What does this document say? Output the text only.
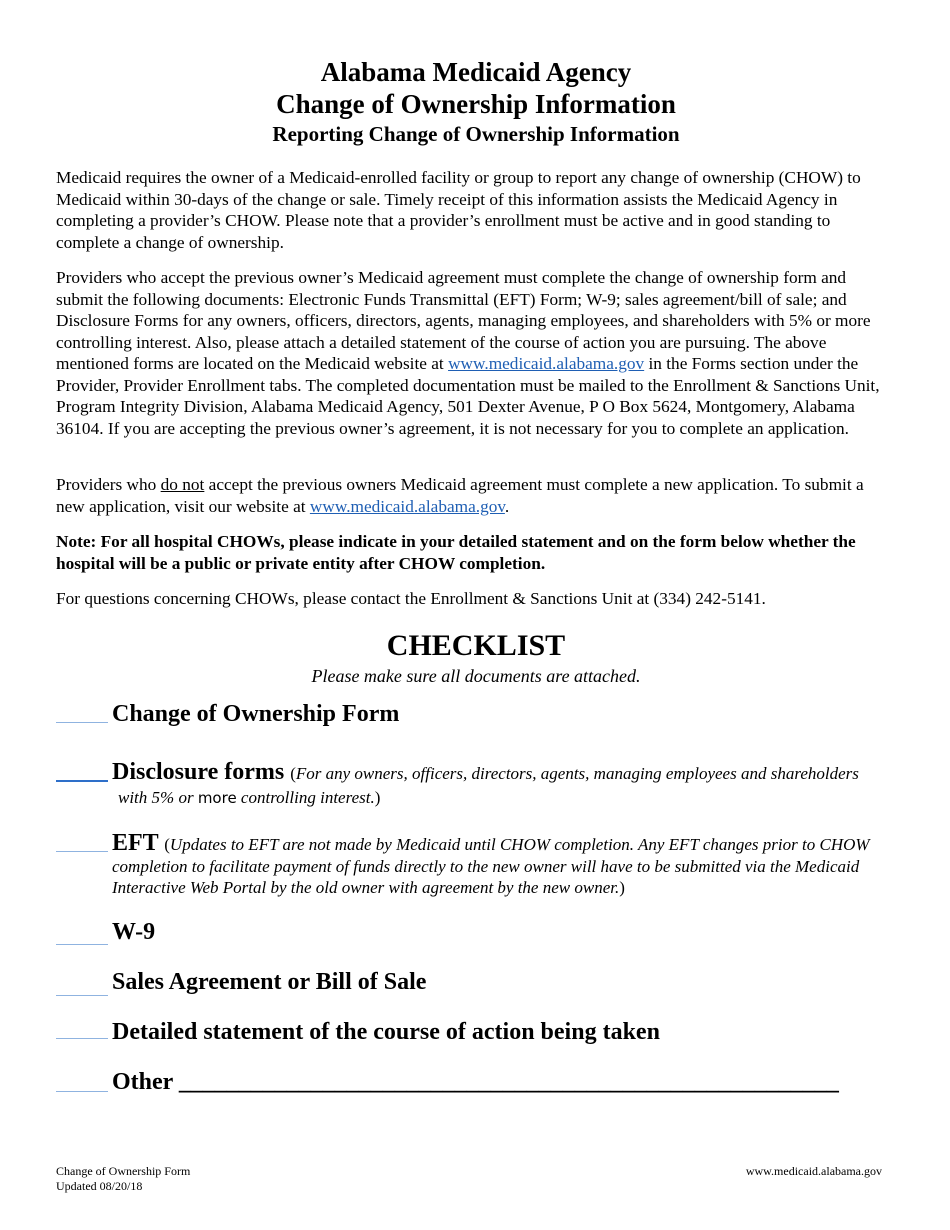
Alabama Medicaid Agency
Change of Ownership Information
Reporting Change of Ownership Information

Medicaid requires the owner of a Medicaid-enrolled facility or group to report any change of ownership (CHOW) to Medicaid within 30-days of the change or sale. Timely receipt of this information assists the Medicaid Agency in completing a provider’s CHOW. Please note that a provider’s enrollment must be active and in good standing to complete a change of ownership.

Providers who accept the previous owner’s Medicaid agreement must complete the change of ownership form and submit the following documents: Electronic Funds Transmittal (EFT) Form; W-9; sales agreement/bill of sale; and Disclosure Forms for any owners, officers, directors, agents, managing employees, and shareholders with 5% or more controlling interest. Also, please attach a detailed statement of the course of action you are pursuing. The above mentioned forms are located on the Medicaid website at www.medicaid.alabama.gov in the Forms section under the Provider, Provider Enrollment tabs. The completed documentation must be mailed to the Enrollment & Sanctions Unit, Program Integrity Division, Alabama Medicaid Agency, 501 Dexter Avenue, P O Box 5624, Montgomery, Alabama 36104. If you are accepting the previous owner’s agreement, it is not necessary for you to complete an application.

Providers who do not accept the previous owners Medicaid agreement must complete a new application. To submit a new application, visit our website at www.medicaid.alabama.gov.

Note: For all hospital CHOWs, please indicate in your detailed statement and on the form below whether the hospital will be a public or private entity after CHOW completion.

For questions concerning CHOWs, please contact the Enrollment & Sanctions Unit at (334) 242-5141.

CHECKLIST
Please make sure all documents are attached.
Change of Ownership Form
Disclosure forms (For any owners, officers, directors, agents, managing employees and shareholders
with 5% or more controlling interest.)
EFT (Updates to EFT are not made by Medicaid until CHOW completion. Any EFT changes prior to CHOW
completion to facilitate payment of funds directly to the new owner will have to be submitted via the Medicaid
Interactive Web Portal by the old owner with agreement by the new owner.)
W-9
Sales Agreement or Bill of Sale
Detailed statement of the course of action being taken
Other _______________________________________________________
Change of Ownership Form
Updated 08/20/18
www.medicaid.alabama.gov
